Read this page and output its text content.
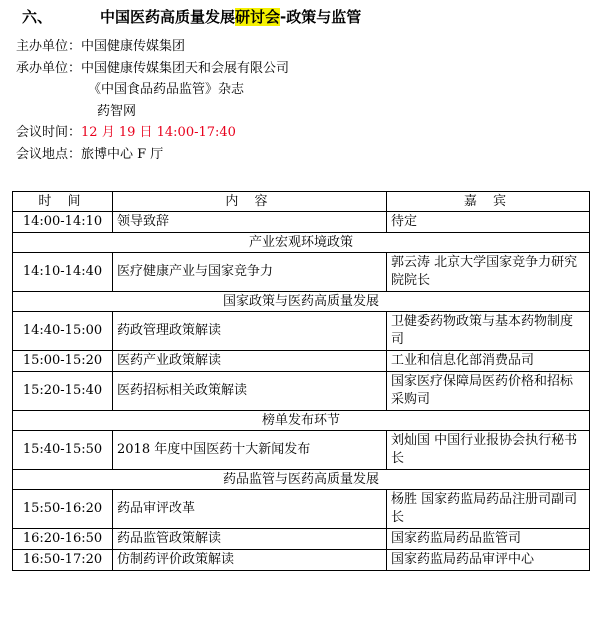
六、	中国医药高质量发展研讨会-政策与监管
主办单位：中国健康传媒集团
承办单位：中国健康传媒集团天和会展有限公司
《中国食品药品监管》杂志
药智网
会议时间：12 月 19 日 14:00-17:40
会议地点：旅博中心 F 厅
时 间	内 容	嘉 宾
14:00-14:10	领导致辞	待定
产业宏观环境政策		
14:10-14:40	医疗健康产业与国家竞争力	郭云涛 北京大学国家竞争力研究院院长
国家政策与医药高质量发展		
14:40-15:00	药政管理政策解读	卫健委药物政策与基本药物制度司
15:00-15:20	医药产业政策解读	工业和信息化部消费品司
15:20-15:40	医药招标相关政策解读	国家医疗保障局医药价格和招标采购司
榜单发布环节		
15:40-15:50	2018 年度中国医药十大新闻发布	刘灿国 中国行业报协会执行秘书长
药品监管与医药高质量发展		
15:50-16:20	药品审评改革	杨胜 国家药监局药品注册司副司长
16:20-16:50	药品监管政策解读	国家药监局药品监管司
16:50-17:20	仿制药评价政策解读	国家药监局药品审评中心
